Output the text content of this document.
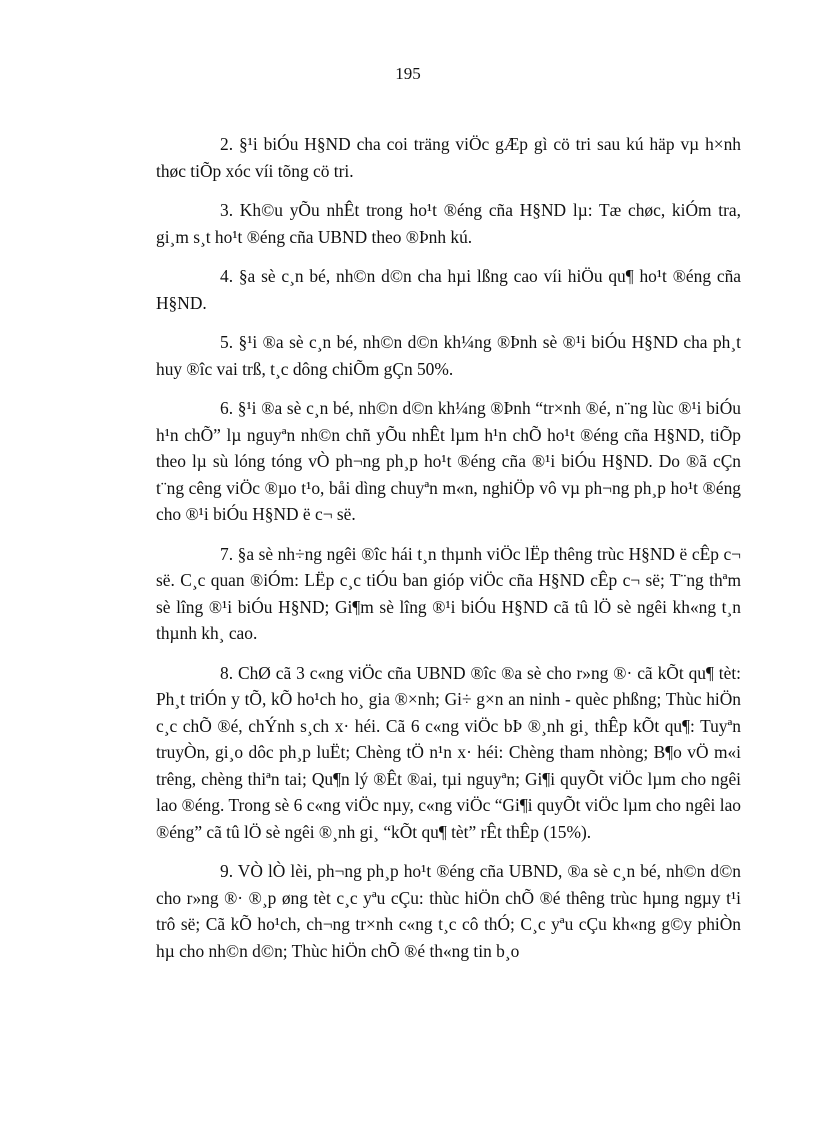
195

2. §¹i biÓu H§ND cha coi träng viÖc gÆp gì cö tri sau kú häp vµ h×nh thøc tiÕp xóc víi tõng cö tri.

3. Kh©u yÕu nhÊt trong ho¹t ®éng cña H§ND lµ: Tæ chøc, kiÓm tra, gi¸m s¸t ho¹t ®éng cña UBND theo ®Þnh kú.

4. §a sè c¸n bé, nh©n d©n cha hµi lßng cao víi hiÖu qu¶ ho¹t ®éng cña H§ND.

5. §¹i ®a sè c¸n bé, nh©n d©n kh¼ng ®Þnh sè ®¹i biÓu H§ND cha ph¸t huy ®îc vai trß, t¸c dông chiÕm gÇn 50%.

6. §¹i ®a sè c¸n bé, nh©n d©n kh¼ng ®Þnh “tr×nh ®é, n¨ng lùc ®¹i biÓu h¹n chÕ” lµ nguyªn nh©n chñ yÕu nhÊt lµm h¹n chÕ ho¹t ®éng cña H§ND, tiÕp theo lµ sù lóng tóng vÒ ph¬ng ph¸p ho¹t ®éng cña ®¹i biÓu H§ND. Do ®ã cÇn t¨ng cêng viÖc ®µo t¹o, båi dìng chuyªn m«n, nghiÖp vô vµ ph¬ng ph¸p ho¹t ®éng cho ®¹i biÓu H§ND ë c¬ së.

7. §a sè nh÷ng ngêi ®îc hái t¸n thµnh viÖc lËp thêng trùc H§ND ë cÊp c¬ së. C¸c quan ®iÓm: LËp c¸c tiÓu ban gióp viÖc cña H§ND cÊp c¬ së; T¨ng thªm sè lîng ®¹i biÓu H§ND; Gi¶m sè lîng ®¹i biÓu H§ND cã tû lÖ sè ngêi kh«ng t¸n thµnh kh¸ cao.

8. ChØ cã 3 c«ng viÖc cña UBND ®îc ®a sè cho r»ng ®· cã kÕt qu¶ tèt: Ph¸t triÓn y tÕ, kÕ ho¹ch ho¸ gia ®×nh; Gi÷ g×n an ninh - quèc phßng; Thùc hiÖn c¸c chÕ ®é, chÝnh s¸ch x· héi. Cã 6 c«ng viÖc bÞ ®¸nh gi¸ thÊp kÕt qu¶: Tuyªn truyÒn, gi¸o dôc ph¸p luËt; Chèng tÖ n¹n x· héi: Chèng tham nhòng; B¶o vÖ m«i trêng, chèng thiªn tai; Qu¶n lý ®Êt ®ai, tµi nguyªn; Gi¶i quyÕt viÖc lµm cho ngêi lao ®éng. Trong sè 6 c«ng viÖc nµy, c«ng viÖc “Gi¶i quyÕt viÖc lµm cho ngêi lao ®éng” cã tû lÖ sè ngêi ®¸nh gi¸ “kÕt qu¶ tèt” rÊt thÊp (15%).

9. VÒ lÒ lèi, ph¬ng ph¸p ho¹t ®éng cña UBND, ®a sè c¸n bé, nh©n d©n cho r»ng ®· ®¸p øng tèt c¸c yªu cÇu: thùc hiÖn chÕ ®é thêng trùc hµng ngµy t¹i trô së; Cã kÕ ho¹ch, ch¬ng tr×nh c«ng t¸c cô thÓ; C¸c yªu cÇu kh«ng g©y phiÒn hµ cho nh©n d©n; Thùc hiÖn chÕ ®é th«ng tin b¸o
